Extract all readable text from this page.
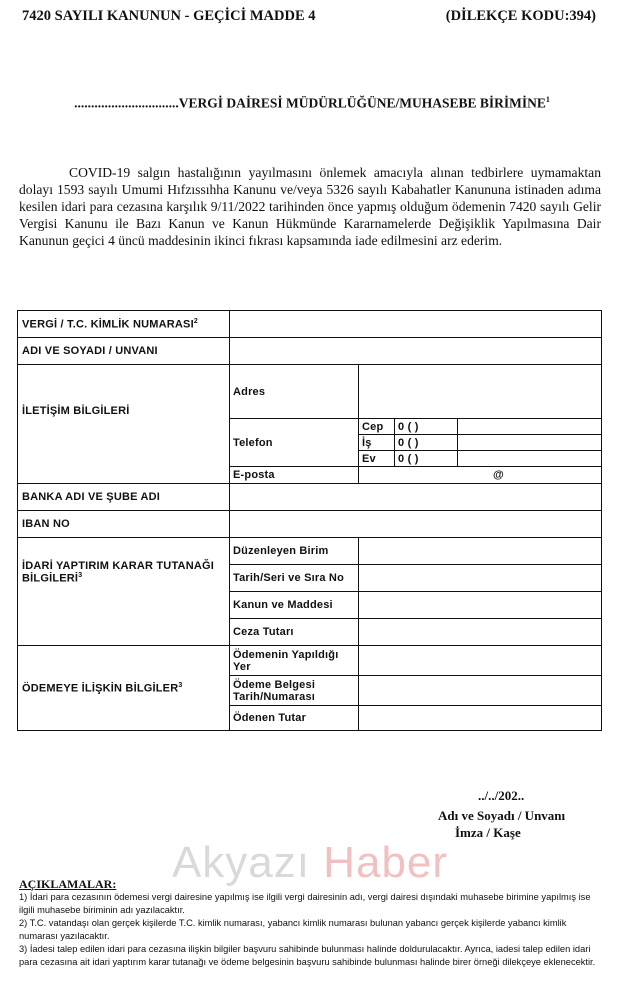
7420 SAYILI KANUNUN - GEÇİCİ MADDE 4	(DİLEKÇE KODU:394)
...............................VERGİ DAİRESİ MÜDÜRLÜĞÜNE/MUHASEBE BİRİMİNE$^1$
COVID-19 salgın hastalığının yayılmasını önlemek amacıyla alınan tedbirlere uymamaktan dolayı 1593 sayılı Umumi Hıfzıssıhha Kanunu ve/veya 5326 sayılı Kabahatler Kanununa istinaden adıma kesilen idari para cezasına karşılık 9/11/2022 tarihinden önce yapmış olduğum ödemenin 7420 sayılı Gelir Vergisi Kanunu ile Bazı Kanun ve Kanun Hükmünde Kararnamelerde Değişiklik Yapılmasına Dair Kanunun geçici 4 üncü maddesinin ikinci fıkrası kapsamında iade edilmesini arz ederim.
VERGİ / T.C. KİMLİK NUMARASI$^2$	
ADI VE SOYADI / UNVANI				
İLETİŞİM BİLGİLERİ	Adres			
	Telefon	Cep	0 ( )	
		İş	0 ( )	
		Ev	0 ( )	
	E-posta	@		

BANKA ADI VE ŞUBE ADI				
IBAN NO				
İDARİ YAPTIRIM KARAR TUTANAĞI BİLGİLERİ$^3$	Düzenleyen Birim			
	Tarih/Seri ve Sıra No			
	Kanun ve Maddesi			
	Ceza Tutarı			
ÖDEMEYE İLİŞKİN BİLGİLER$^3$	Ödemenin Yapıldığı Yer			
	Ödeme Belgesi Tarih/Numarası			
	Ödenen Tutar			
../../202..
Adı ve Soyadı / Unvanı
İmza / Kaşe
Akyazı Haber
AÇIKLAMALAR:

1) İdari para cezasının ödemesi vergi dairesine yapılmış ise ilgili vergi dairesinin adı, vergi dairesi dışındaki muhasebe birimine yapılmış ise ilgili muhasebe biriminin adı yazılacaktır.

2) T.C. vatandaşı olan gerçek kişilerde T.C. kimlik numarası, yabancı kimlik numarası bulunan yabancı gerçek kişilerde yabancı kimlik numarası yazılacaktır.

3) İadesi talep edilen idari para cezasına ilişkin bilgiler başvuru sahibinde bulunması halinde doldurulacaktır. Ayrıca, iadesi talep edilen idari para cezasına ait idari yaptırım karar tutanağı ve ödeme belgesinin başvuru sahibinde bulunması halinde birer örneği dilekçeye eklenecektir.
